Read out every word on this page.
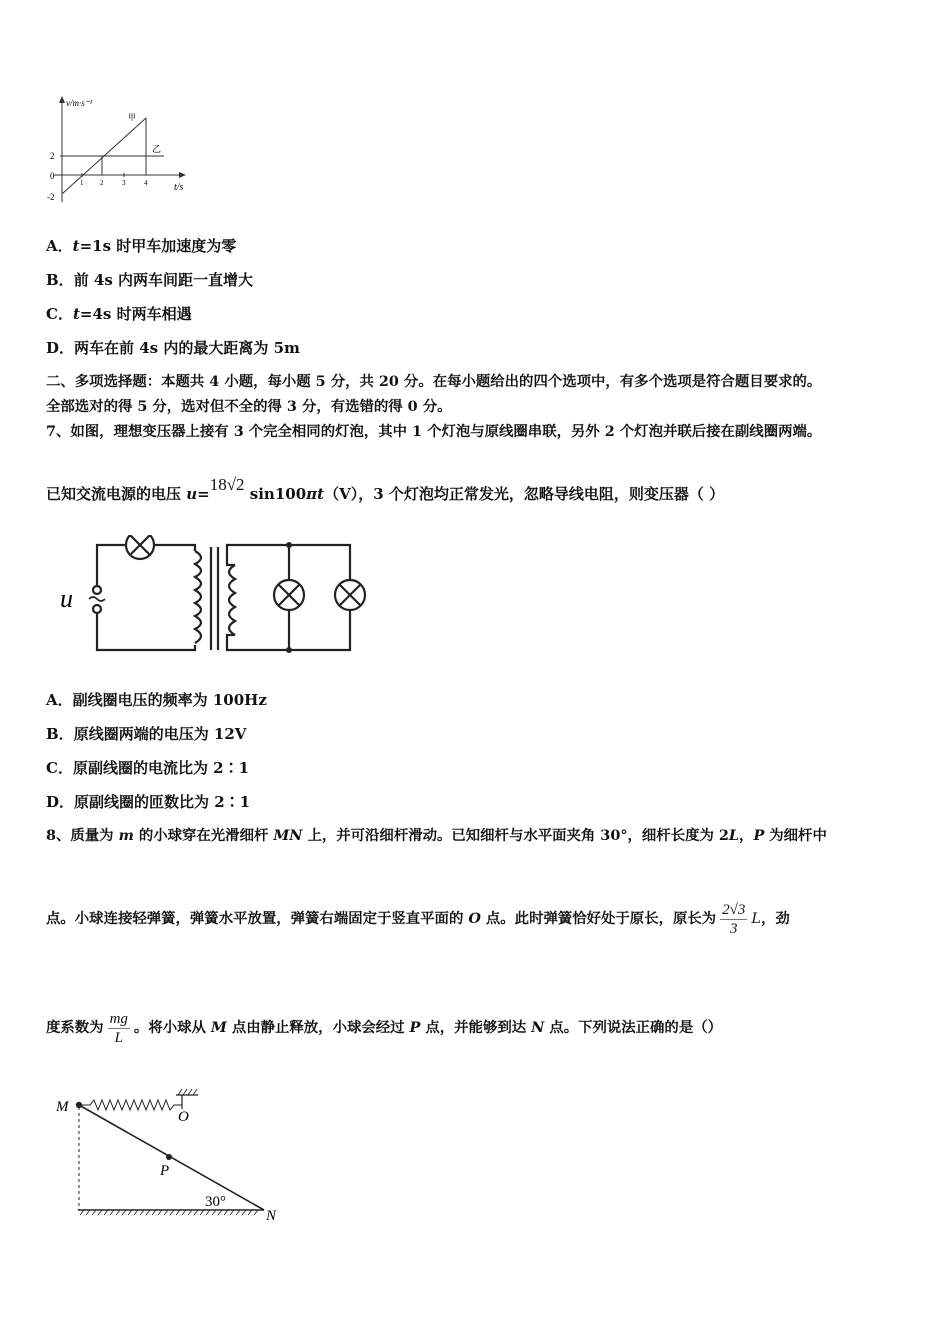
v/m·s⁻¹
t/s
甲
乙
2
0
-2
1 2	3	4
A．t=1s 时甲车加速度为零
B．前 4s 内两车间距一直增大
C．t=4s 时两车相遇
D．两车在前 4s 内的最大距离为 5m
二、多项选择题：本题共 4 小题，每小题 5 分，共 20 分。在每小题给出的四个选项中，有多个选项是符合题目要求的。
全部选对的得 5 分，选对但不全的得 3 分，有选错的得 0 分。
7、如图，理想变压器上接有 3 个完全相同的灯泡，其中 1 个灯泡与原线圈串联，另外 2 个灯泡并联后接在副线圈两端。
已知交流电源的电压 u=18√2 sin100πt（V），3 个灯泡均正常发光，忽略导线电阻，则变压器（ ）
u
A．副线圈电压的频率为 100Hz
B．原线圈两端的电压为 12V
C．原副线圈的电流比为 2∶1
D．原副线圈的匝数比为 2∶1
8、质量为 m 的小球穿在光滑细杆 MN 上，并可沿细杆滑动。已知细杆与水平面夹角 30°，细杆长度为 2L，P 为细杆中
点。小球连接轻弹簧，弹簧水平放置，弹簧右端固定于竖直平面的 O 点。此时弹簧恰好处于原长，原长为 $\frac{2√3}{3}$ L，劲
度系数为 $\frac{mg}{L}$ 。将小球从 M 点由静止释放，小球会经过 P 点，并能够到达 N 点。下列说法正确的是（）
M
O
P
N
30°
